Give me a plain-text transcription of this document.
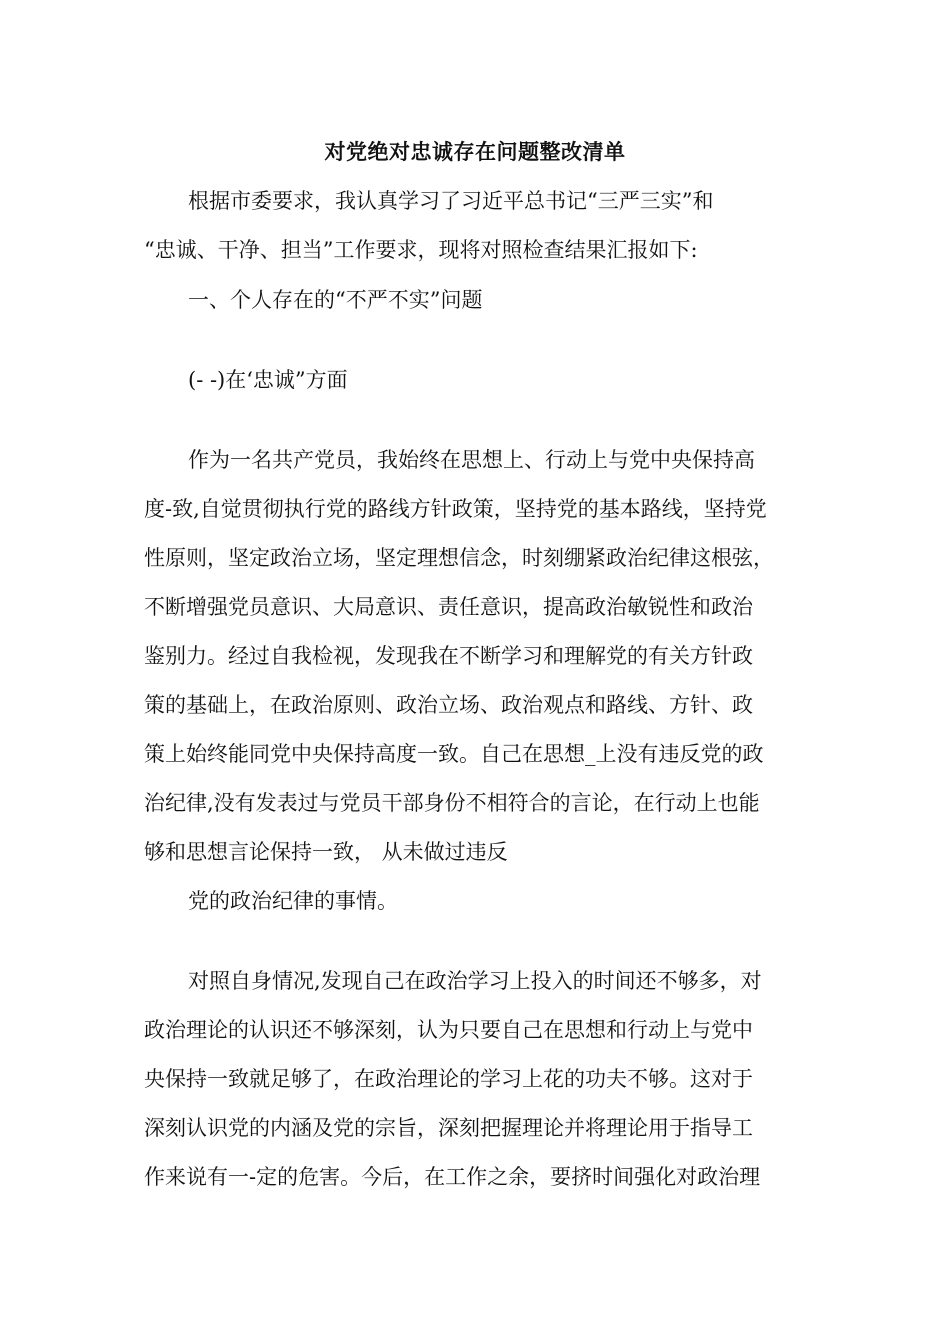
对党绝对忠诚存在问题整改清单
根据市委要求，我认真学习了习近平总书记“三严三实”和
“忠诚、干净、担当”工作要求，现将对照检查结果汇报如下:
一、个人存在的“不严不实”问题
(- -)在‘忠诚”方面
作为一名共产党员，我始终在思想上、行动上与党中央保持高
度-致,自觉贯彻执行党的路线方针政策，坚持党的基本路线，坚持党
性原则，坚定政治立场，坚定理想信念，时刻绷紧政治纪律这根弦，
不断增强党员意识、大局意识、责任意识，提高政治敏锐性和政治
鉴别力。经过自我检视，发现我在不断学习和理解党的有关方针政
策的基础上，在政治原则、政治立场、政治观点和路线、方针、政
策上始终能同党中央保持高度一致。自己在思想_上没有违反党的政
治纪律,没有发表过与党员干部身份不相符合的言论，在行动上也能
够和思想言论保持一致， 从未做过违反
党的政治纪律的事情。
对照自身情况,发现自己在政治学习上投入的时间还不够多，对
政治理论的认识还不够深刻，认为只要自己在思想和行动上与党中
央保持一致就足够了，在政治理论的学习上花的功夫不够。这对于
深刻认识党的内涵及党的宗旨，深刻把握理论并将理论用于指导工
作来说有一-定的危害。今后，在工作之余，要挤时间强化对政治理
